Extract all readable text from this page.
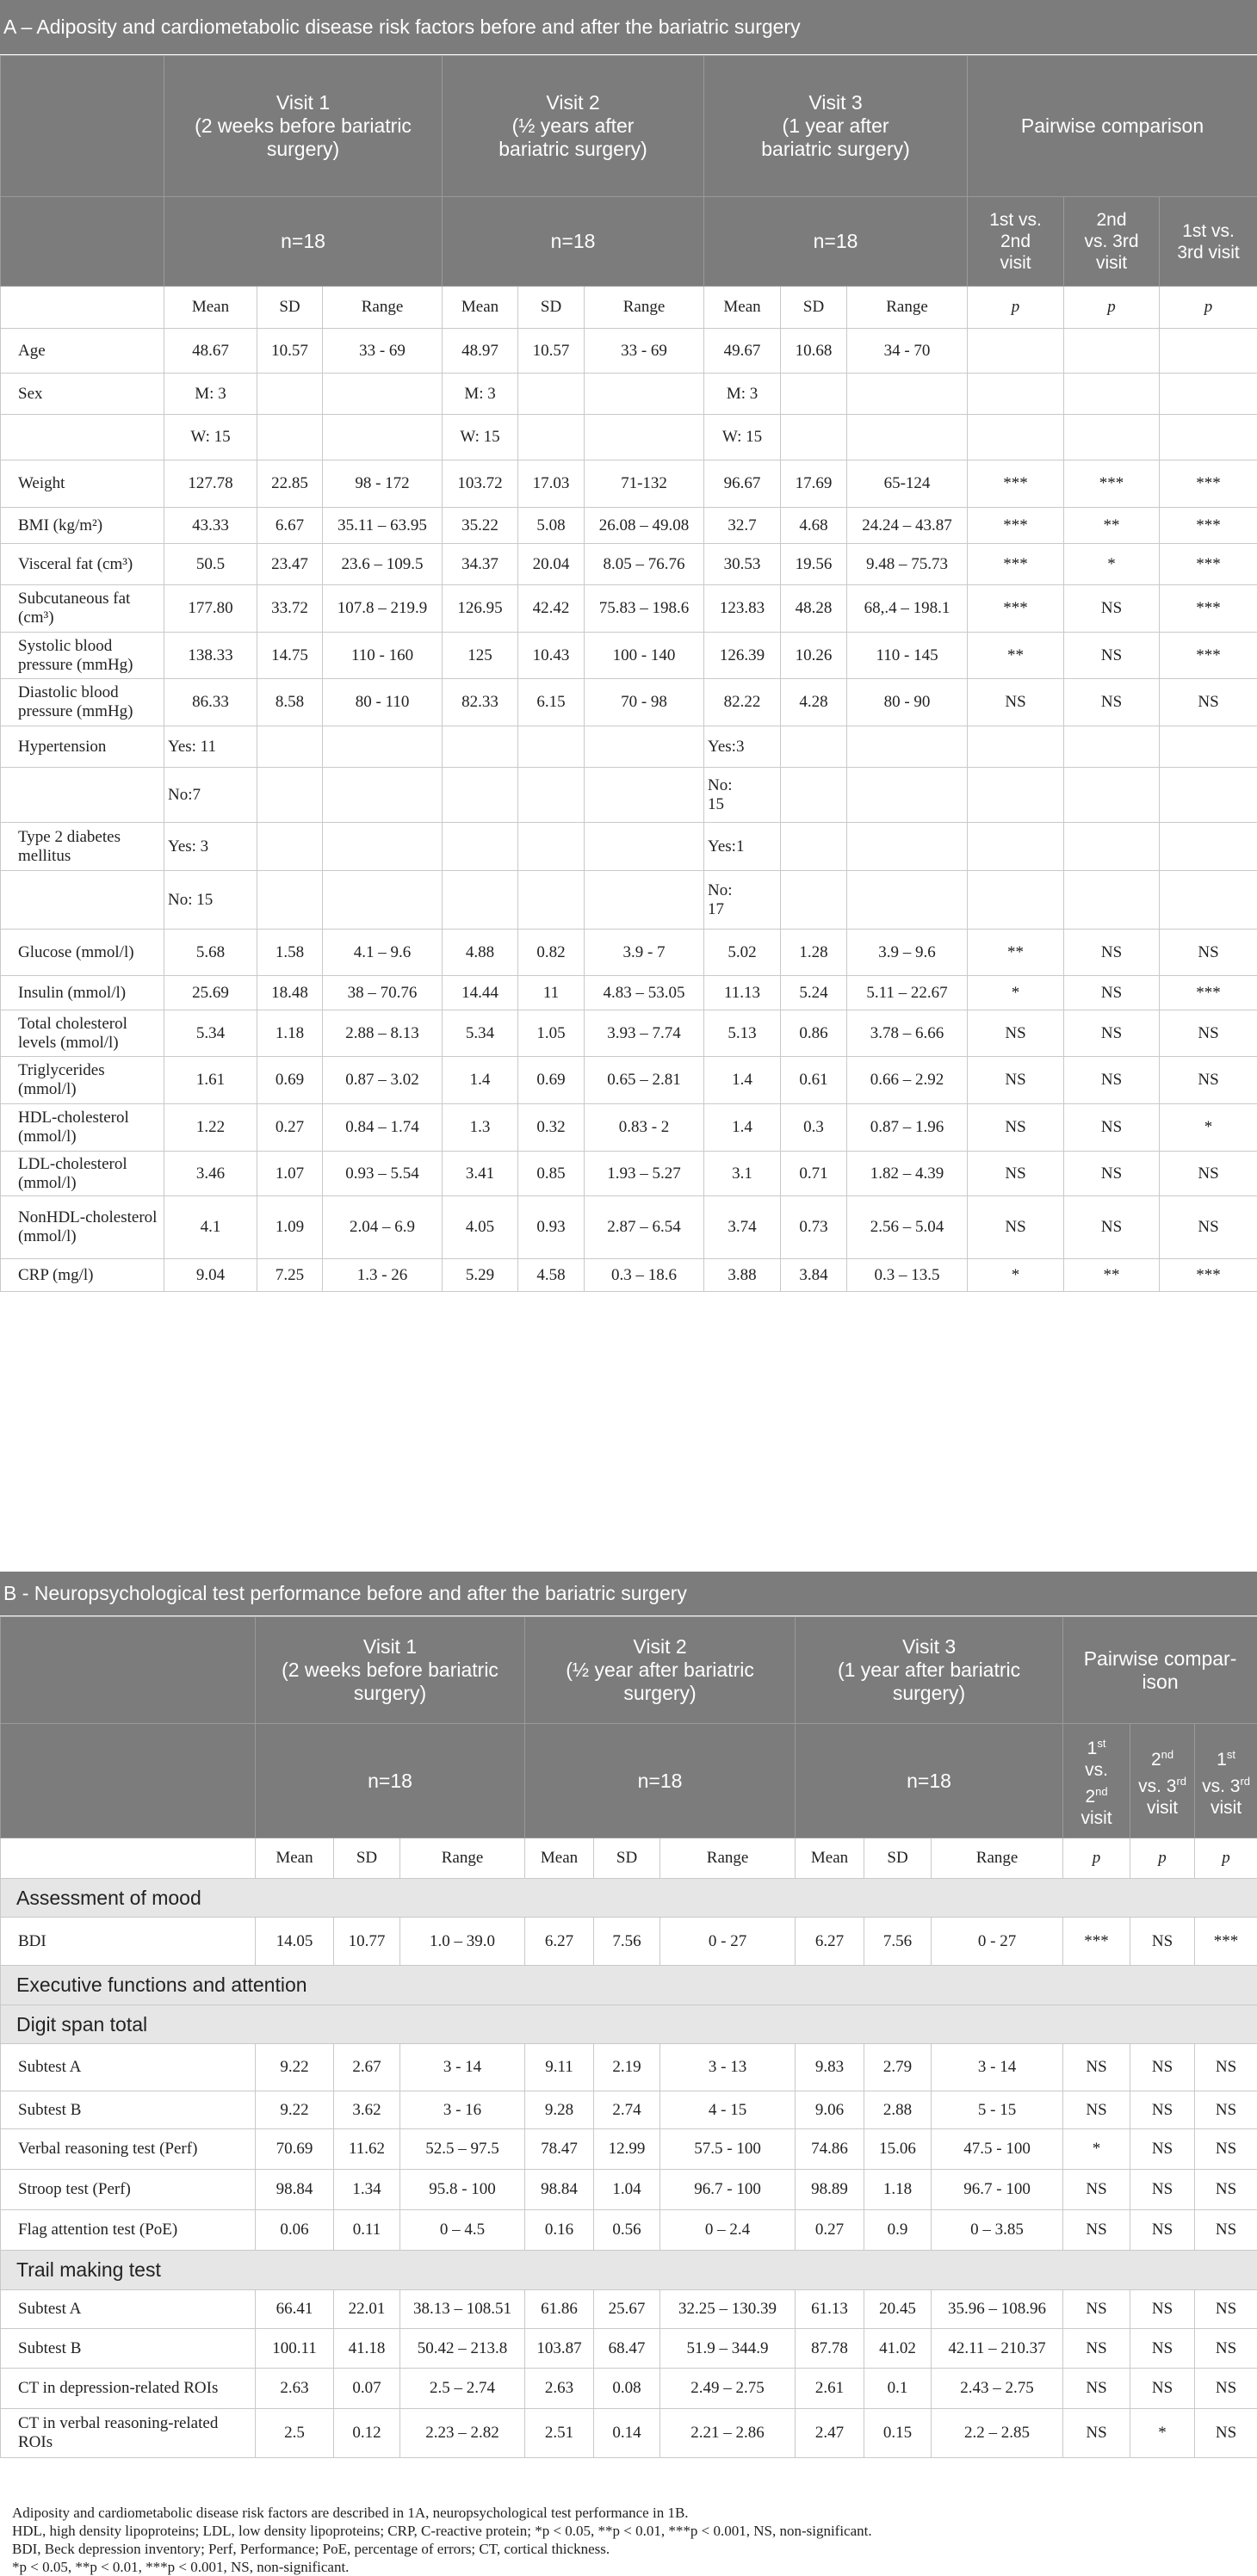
A – Adiposity and cardiometabolic disease risk factors before and after the bariatric surgery
	Visit 1
(2 weeks before bariatric
surgery)			Visit 2
(½ years after
bariatric surgery)			Visit 3
(1 year after
bariatric surgery)			Pairwise comparison		
	n=18			n=18			n=18			1st vs.
2nd
visit	2nd
vs. 3rd
visit	1st vs.
3rd visit
	Mean	SD	Range	Mean	SD	Range	Mean	SD	Range	p	p	p
Age	48.67	10.57	33 - 69	48.97	10.57	33 - 69	49.67	10.68	34 - 70			
Sex	M: 3			M: 3			M: 3					
	W: 15			W: 15			W: 15					
Weight	127.78	22.85	98 - 172	103.72	17.03	71-132	96.67	17.69	65-124	***	***	***
BMI (kg/m²)	43.33	6.67	35.11 – 63.95	35.22	5.08	26.08 – 49.08	32.7	4.68	24.24 – 43.87	***	**	***
Visceral fat (cm³)	50.5	23.47	23.6 – 109.5	34.37	20.04	8.05 – 76.76	30.53	19.56	9.48 – 75.73	***	*	***
Subcutaneous fat (cm³)	177.80	33.72	107.8 – 219.9	126.95	42.42	75.83 – 198.6	123.83	48.28	68,.4 – 198.1	***	NS	***
Systolic blood pressure (mmHg)	138.33	14.75	110 - 160	125	10.43	100 - 140	126.39	10.26	110 - 145	**	NS	***
Diastolic blood pressure (mmHg)	86.33	8.58	80 - 110	82.33	6.15	70 - 98	82.22	4.28	80 - 90	NS	NS	NS
Hypertension	Yes: 11						Yes:3					
	No:7						No:
15					
Type 2 diabetes mellitus	Yes: 3						Yes:1					
	No: 15						No:
17					
Glucose (mmol/l)	5.68	1.58	4.1 – 9.6	4.88	0.82	3.9 - 7	5.02	1.28	3.9 – 9.6	**	NS	NS
Insulin (mmol/l)	25.69	18.48	38 – 70.76	14.44	11	4.83 – 53.05	11.13	5.24	5.11 – 22.67	*	NS	***
Total cholesterol levels (mmol/l)	5.34	1.18	2.88 – 8.13	5.34	1.05	3.93 – 7.74	5.13	0.86	3.78 – 6.66	NS	NS	NS
Triglycerides (mmol/l)	1.61	0.69	0.87 – 3.02	1.4	0.69	0.65 – 2.81	1.4	0.61	0.66 – 2.92	NS	NS	NS
HDL-cholesterol (mmol/l)	1.22	0.27	0.84 – 1.74	1.3	0.32	0.83 - 2	1.4	0.3	0.87 – 1.96	NS	NS	*
LDL-cholesterol (mmol/l)	3.46	1.07	0.93 – 5.54	3.41	0.85	1.93 – 5.27	3.1	0.71	1.82 – 4.39	NS	NS	NS
NonHDL-cholesterol (mmol/l)	4.1	1.09	2.04 – 6.9	4.05	0.93	2.87 – 6.54	3.74	0.73	2.56 – 5.04	NS	NS	NS
CRP (mg/l)	9.04	7.25	1.3 - 26	5.29	4.58	0.3 – 18.6	3.88	3.84	0.3 – 13.5	*	**	***
B - Neuropsychological test performance before and after the bariatric surgery
	Visit 1
(2 weeks before bariatric
surgery)			Visit 2
(½ year after bariatric
surgery)			Visit 3
(1 year after bariatric
surgery)			Pairwise compar-
ison		
	n=18			n=18			n=18			1st
vs.
2nd
visit	2nd
vs. 3rd
visit	1st
vs. 3rd
visit
	Mean	SD	Range	Mean	SD	Range	Mean	SD	Range	p	p	p
Assessment of mood												
BDI	14.05	10.77	1.0 – 39.0	6.27	7.56	0 - 27	6.27	7.56	0 - 27	***	NS	***
Executive functions and attention												
Digit span total												
Subtest A	9.22	2.67	3 - 14	9.11	2.19	3 - 13	9.83	2.79	3 - 14	NS	NS	NS
Subtest B	9.22	3.62	3 - 16	9.28	2.74	4 - 15	9.06	2.88	5 - 15	NS	NS	NS
Verbal reasoning test (Perf)	70.69	11.62	52.5 – 97.5	78.47	12.99	57.5 - 100	74.86	15.06	47.5 - 100	*	NS	NS
Stroop test (Perf)	98.84	1.34	95.8 - 100	98.84	1.04	96.7 - 100	98.89	1.18	96.7 - 100	NS	NS	NS
Flag attention test (PoE)	0.06	0.11	0 – 4.5	0.16	0.56	0 – 2.4	0.27	0.9	0 – 3.85	NS	NS	NS
Trail making test												
Subtest A	66.41	22.01	38.13 – 108.51	61.86	25.67	32.25 – 130.39	61.13	20.45	35.96 – 108.96	NS	NS	NS
Subtest B	100.11	41.18	50.42 – 213.8	103.87	68.47	51.9 – 344.9	87.78	41.02	42.11 – 210.37	NS	NS	NS
CT in depression-related ROIs	2.63	0.07	2.5 – 2.74	2.63	0.08	2.49 – 2.75	2.61	0.1	2.43 – 2.75	NS	NS	NS
CT in verbal reasoning-related ROIs	2.5	0.12	2.23 – 2.82	2.51	0.14	2.21 – 2.86	2.47	0.15	2.2 – 2.85	NS	*	NS
Adiposity and cardiometabolic disease risk factors are described in 1A, neuropsychological test performance in 1B.
HDL, high density lipoproteins; LDL, low density lipoproteins; CRP, C-reactive protein; *p < 0.05, **p < 0.01, ***p < 0.001, NS, non-significant.
BDI, Beck depression inventory; Perf, Performance; PoE, percentage of errors; CT, cortical thickness.
*p < 0.05, **p < 0.01, ***p < 0.001, NS, non-significant.
